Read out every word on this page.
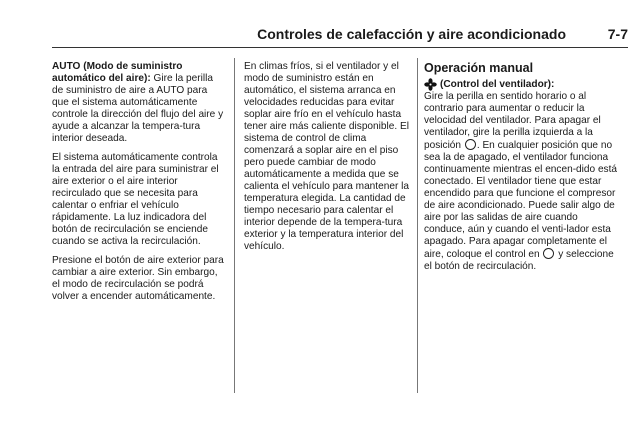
Controles de calefacción y aire acondicionado	7-7

AUTO (Modo de suministro automático del aire): Gire la perilla de suministro de aire a AUTO para que el sistema automáticamente controle la dirección del flujo del aire y ayude a alcanzar la tempera-tura interior deseada.

El sistema automáticamente controla la entrada del aire para suministrar el aire exterior o el aire interior recirculado que se necesita para calentar o enfriar el vehículo rápidamente. La luz indicadora del botón de recirculación se enciende cuando se activa la recirculación.

Presione el botón de aire exterior para cambiar a aire exterior. Sin embargo, el modo de recirculación se podrá volver a encender automáticamente.

En climas fríos, si el ventilador y el modo de suministro están en automático, el sistema arranca en velocidades reducidas para evitar soplar aire frío en el vehículo hasta tener aire más caliente disponible. El sistema de control de clima comenzará a soplar aire en el piso pero puede cambiar de modo automáticamente a medida que se calienta el vehículo para mantener la temperatura elegida. La cantidad de tiempo necesario para calentar el interior depende de la tempera-tura exterior y la temperatura interior del vehículo.

Operación manual
(Control del ventilador):

Gire la perilla en sentido horario o al contrario para aumentar o reducir la velocidad del ventilador. Para apagar el ventilador, gire la perilla izquierda a la posición . En cualquier posición que no sea la de apagado, el ventilador funciona continuamente mientras el encen-dido está conectado. El ventilador tiene que estar encendido para que funcione el compresor de aire acondicionado. Puede salir algo de aire por las salidas de aire cuando conduce, aún y cuando el venti-lador esta apagado. Para apagar completamente el aire, coloque el control en  y seleccione el botón de recirculación.
